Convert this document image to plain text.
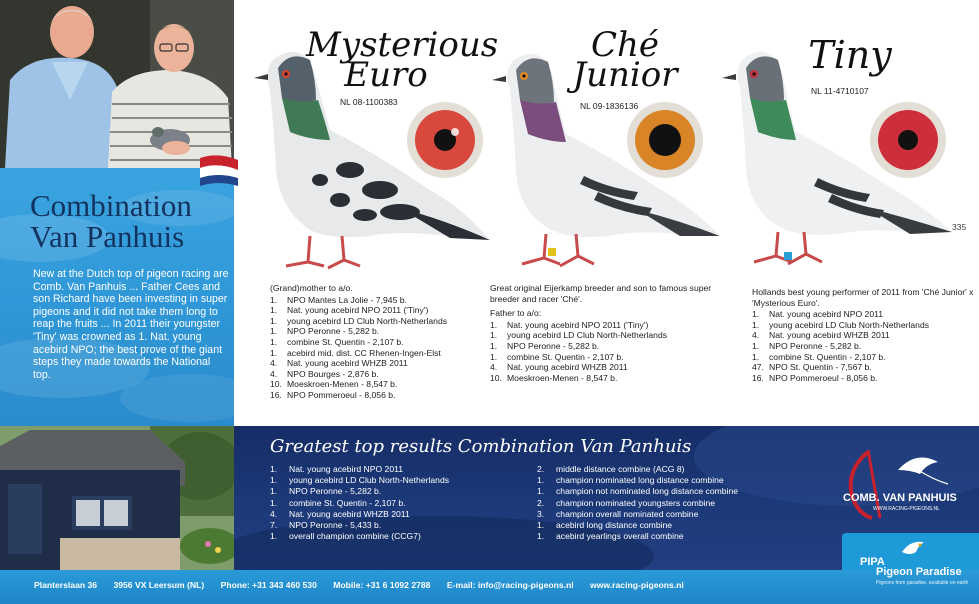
Combination Van Panhuis
New at the Dutch top of pigeon racing are Comb. Van Panhuis ... Father Cees and son Richard have been investing in super pigeons and it did not take them long to reap the fruits ... In 2011 their youngster 'Tiny' was crowned as 1. Nat. young acebird NPO; the best prove of the giant steps they made towards the National top.
Mysterious
Euro
NL 08-1100383
Ché
Junior
NL 09-1836136
Tiny
NL 11-4710107
335
(Grand)mother to a/o.
1.	NPO Mantes La Jolie - 7,945 b.
1.	Nat. young acebird NPO 2011 ('Tiny')
1.	young acebird LD Club North-Netherlands
1.	NPO Peronne - 5,282 b.
1.	combine St. Quentin - 2,107 b.
1.	acebird mid. dist. CC Rhenen-Ingen-Elst
4.	Nat. young acebird WHZB 2011
4.	NPO Bourges - 2,876 b.
10. Moeskroen-Menen - 8,547 b.
16. NPO Pommeroeul - 8,056 b.
Great original Eijerkamp breeder and son to famous super breeder and racer 'Ché'.
Father to a/o:
1.	Nat. young acebird NPO 2011 ('Tiny')
1.	young acebird LD Club North-Netherlands
1.	NPO Peronne - 5,282 b.
1.	combine St. Quentin - 2,107 b.
4.	Nat. young acebird WHZB 2011
10. Moeskroen-Menen - 8,547 b.
Hollands best young performer of 2011 from 'Ché Junior' x 'Mysterious Euro'.
1.	Nat. young acebird NPO 2011
1.	young acebird LD Club North-Netherlands
4.	Nat. young acebird WHZB 2011
1.	NPO Peronne - 5,282 b.
1.	combine St. Quentin - 2,107 b.
47. NPO St. Quentin - 7,567 b.
16. NPO Pommeroeul - 8,056 b.
Greatest top results Combination Van Panhuis
1.	Nat. young acebird NPO 2011
1.	young acebird LD Club North-Netherlands
1.	NPO Peronne - 5,282 b.
1.	combine St. Quentin - 2,107 b.
4.	Nat. young acebird WHZB 2011
7.	NPO Peronne - 5,433 b.
1.	overall champion combine (CCG7)
2.	middle distance combine (ACG 8)
1.	champion nominated long distance combine
1.	champion not nominated long distance combine
2.	champion nominated youngsters combine
3.	champion overall nominated combine
1.	acebird long distance combine
1.	acebird yearlings overall combine
COMB. VAN PANHUIS
WWW.RACING-PIGEONS.NL
Planterslaan 36 3956 VX Leersum (NL) Phone: +31 343 460 530 Mobile: +31 6 1092 2788 E-mail: info@racing-pigeons.nl www.racing-pigeons.nl
PIPA
Pigeon Paradise
Pigeons from paradise, available on earth
